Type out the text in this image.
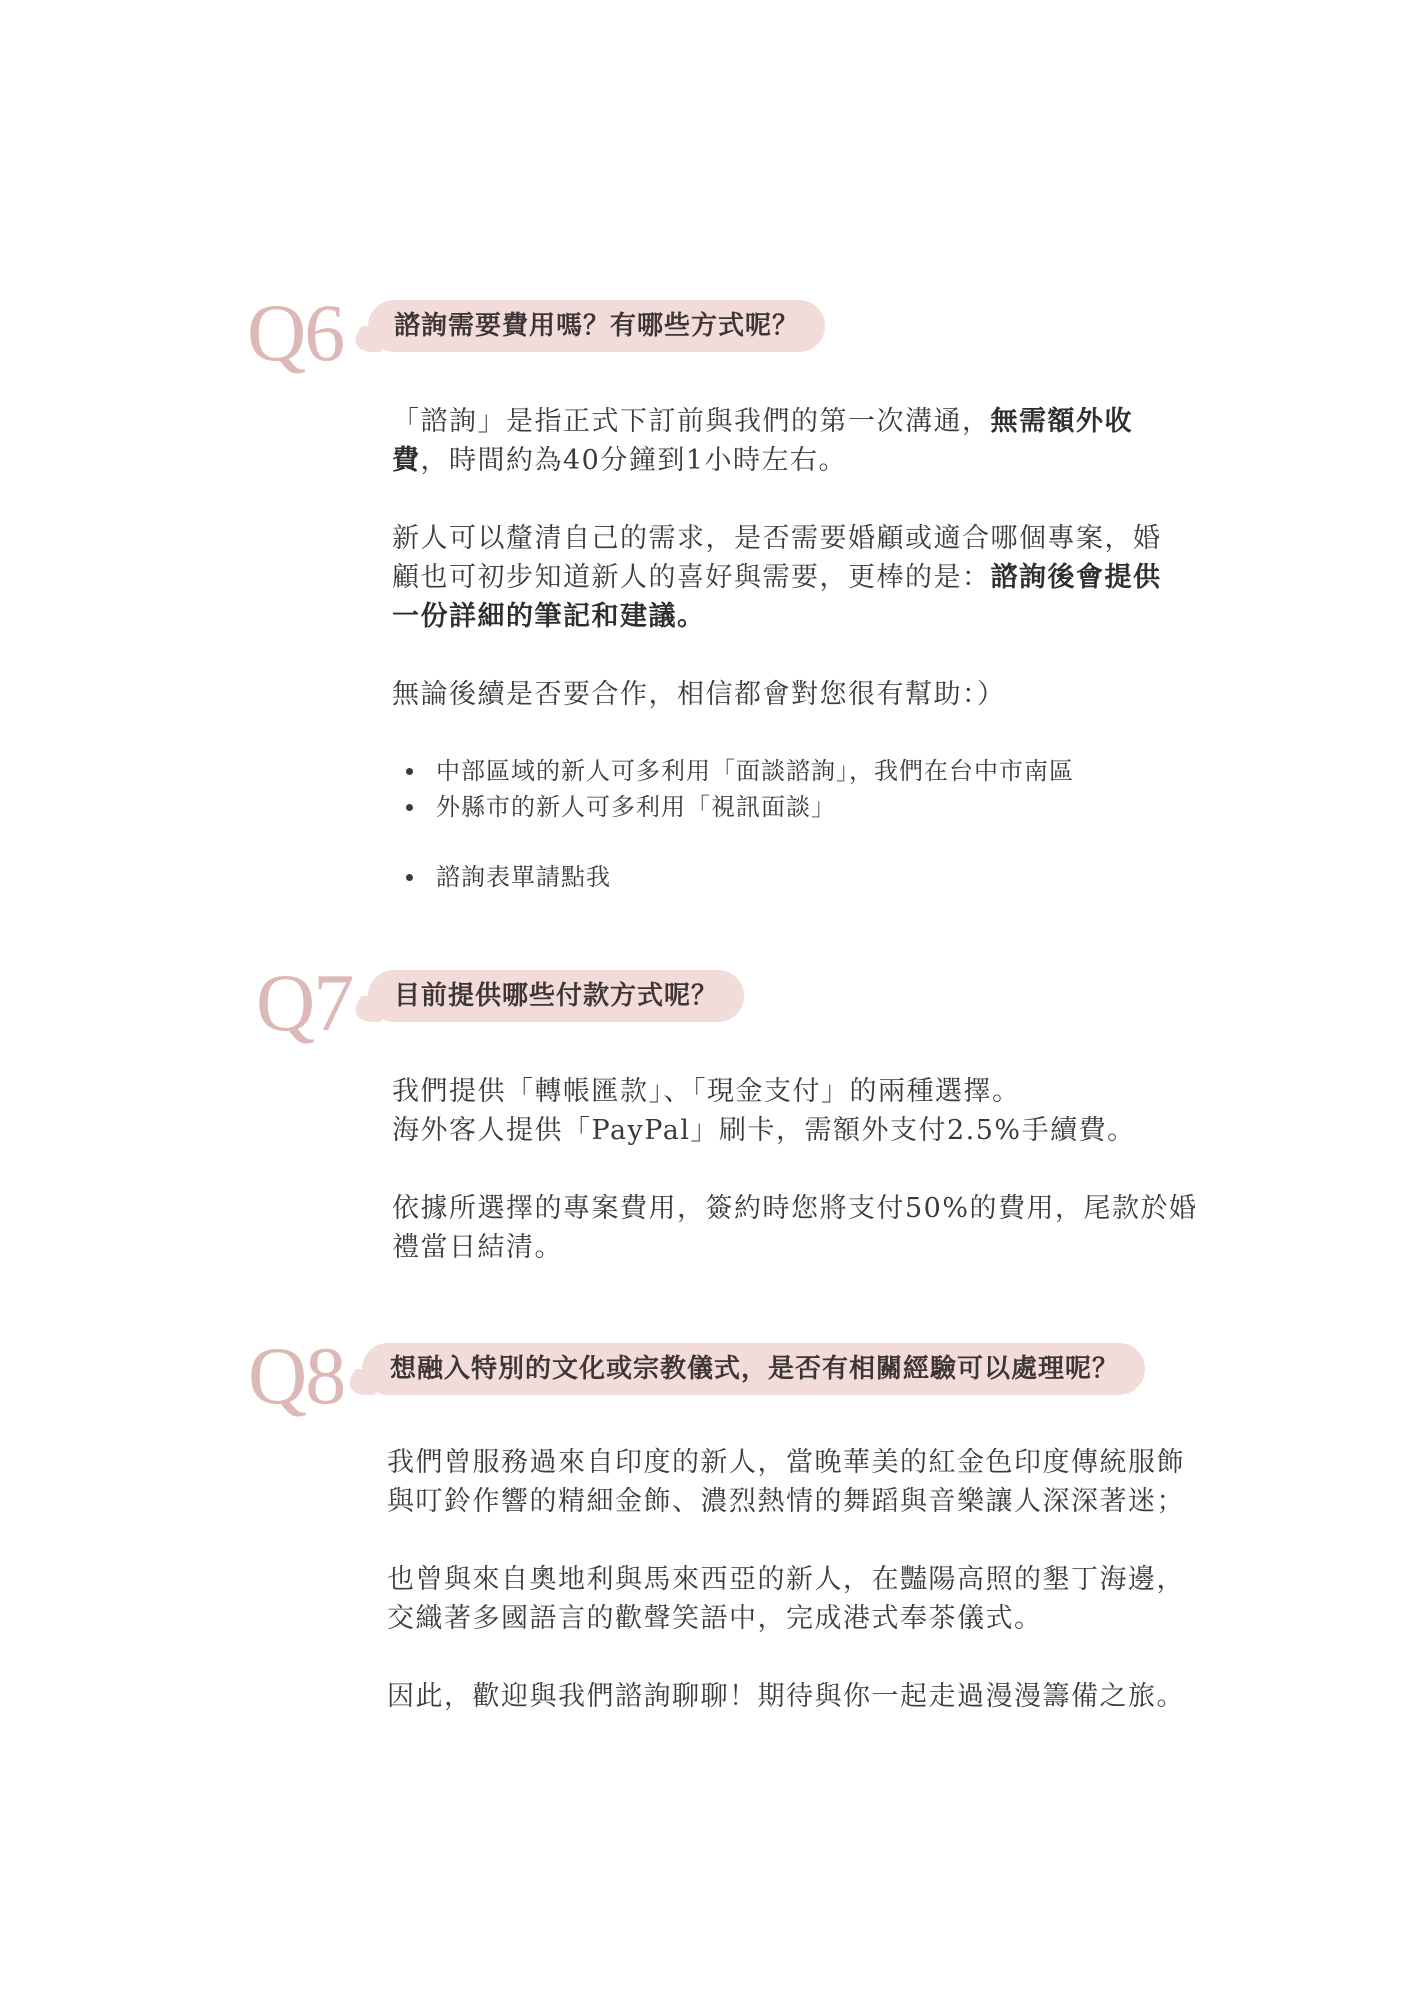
Q6	諮詢需要費用嗎？有哪些方式呢？

「諮詢」是指正式下訂前與我們的第一次溝通，無需額外收費，時間約為40分鐘到1小時左右。

新人可以釐清自己的需求，是否需要婚顧或適合哪個專案，婚顧也可初步知道新人的喜好與需要，更棒的是：諮詢後會提供一份詳細的筆記和建議。

無論後續是否要合作，相信都會對您很有幫助：）

中部區域的新人可多利用「面談諮詢」，我們在台中市南區
外縣市的新人可多利用「視訊面談」
諮詢表單請點我
Q7	目前提供哪些付款方式呢？

我們提供「轉帳匯款」、「現金支付」的兩種選擇。
海外客人提供「PayPal」刷卡，需額外支付2.5%手續費。

依據所選擇的專案費用，簽約時您將支付50%的費用，尾款於婚禮當日結清。

Q8	想融入特別的文化或宗教儀式，是否有相關經驗可以處理呢？

我們曾服務過來自印度的新人，當晚華美的紅金色印度傳統服飾與叮鈴作響的精細金飾、濃烈熱情的舞蹈與音樂讓人深深著迷；

也曾與來自奧地利與馬來西亞的新人，在豔陽高照的墾丁海邊，交織著多國語言的歡聲笑語中，完成港式奉茶儀式。

因此，歡迎與我們諮詢聊聊！期待與你一起走過漫漫籌備之旅。
